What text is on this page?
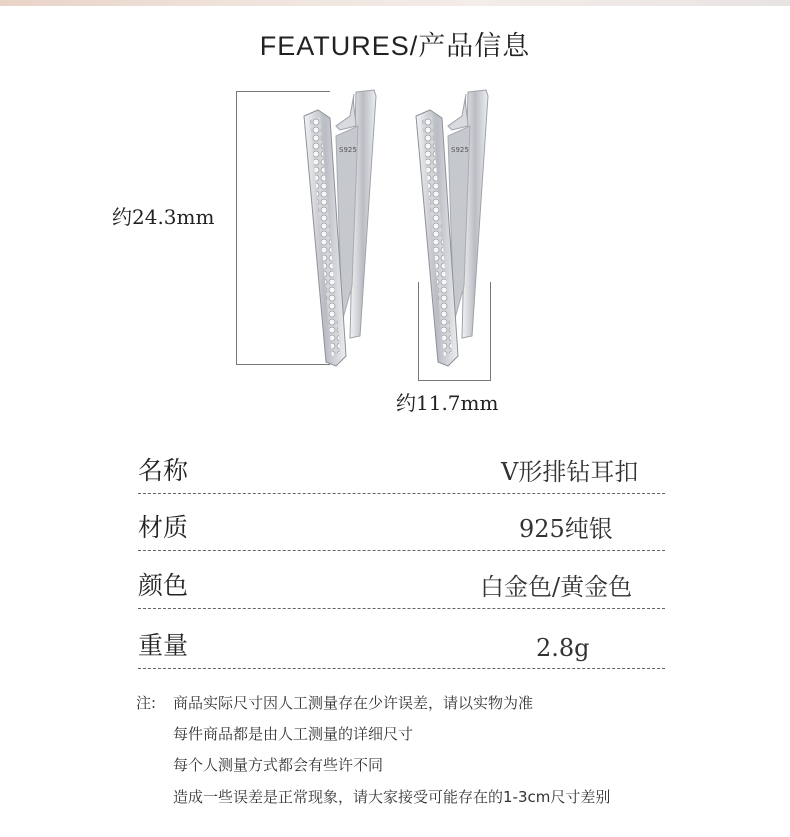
FEATURES/产品信息
约24.3mm
约11.7mm
S925	S925
名称	V形排钻耳扣
材质	925纯银
颜色	白金色/黄金色
重量	2.8g
注: 商品实际尺寸因人工测量存在少许误差，请以实物为准
每件商品都是由人工测量的详细尺寸
每个人测量方式都会有些许不同
造成一些误差是正常现象，请大家接受可能存在的1-3cm尺寸差别
